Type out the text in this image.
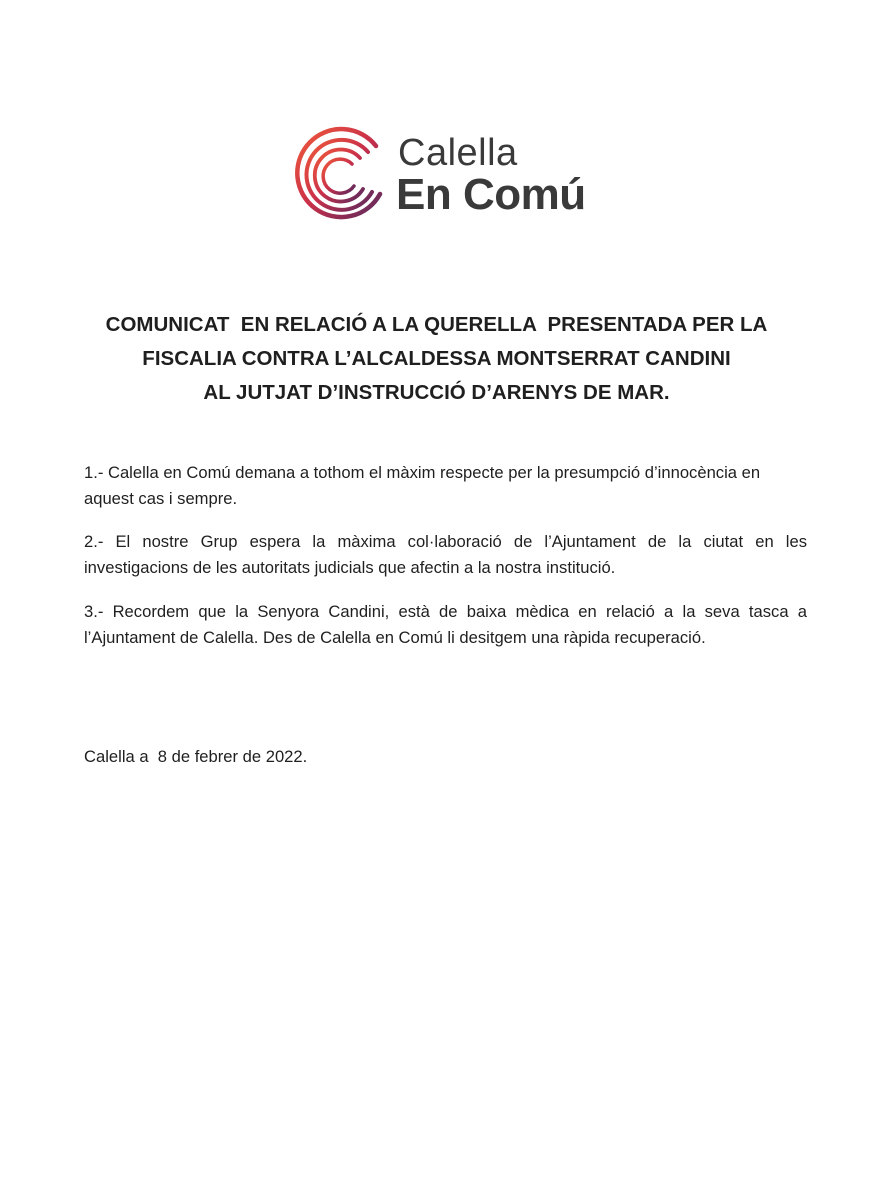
Calella
En Comú
COMUNICAT  EN RELACIÓ A LA QUERELLA  PRESENTADA PER LA
FISCALIA CONTRA L’ALCALDESSA MONTSERRAT CANDINI
AL JUTJAT D’INSTRUCCIÓ D’ARENYS DE MAR.

1.- Calella en Comú demana a tothom el màxim respecte per la presumpció d’innocència en aquest cas i sempre.

2.- El nostre Grup espera la màxima col·laboració de l’Ajuntament de la ciutat en les investigacions de les autoritats judicials que afectin a la nostra institució.

3.- Recordem que la Senyora Candini, està de baixa mèdica en relació a la seva tasca a l’Ajuntament de Calella. Des de Calella en Comú li desitgem una ràpida recuperació.

Calella a  8 de febrer de 2022.
